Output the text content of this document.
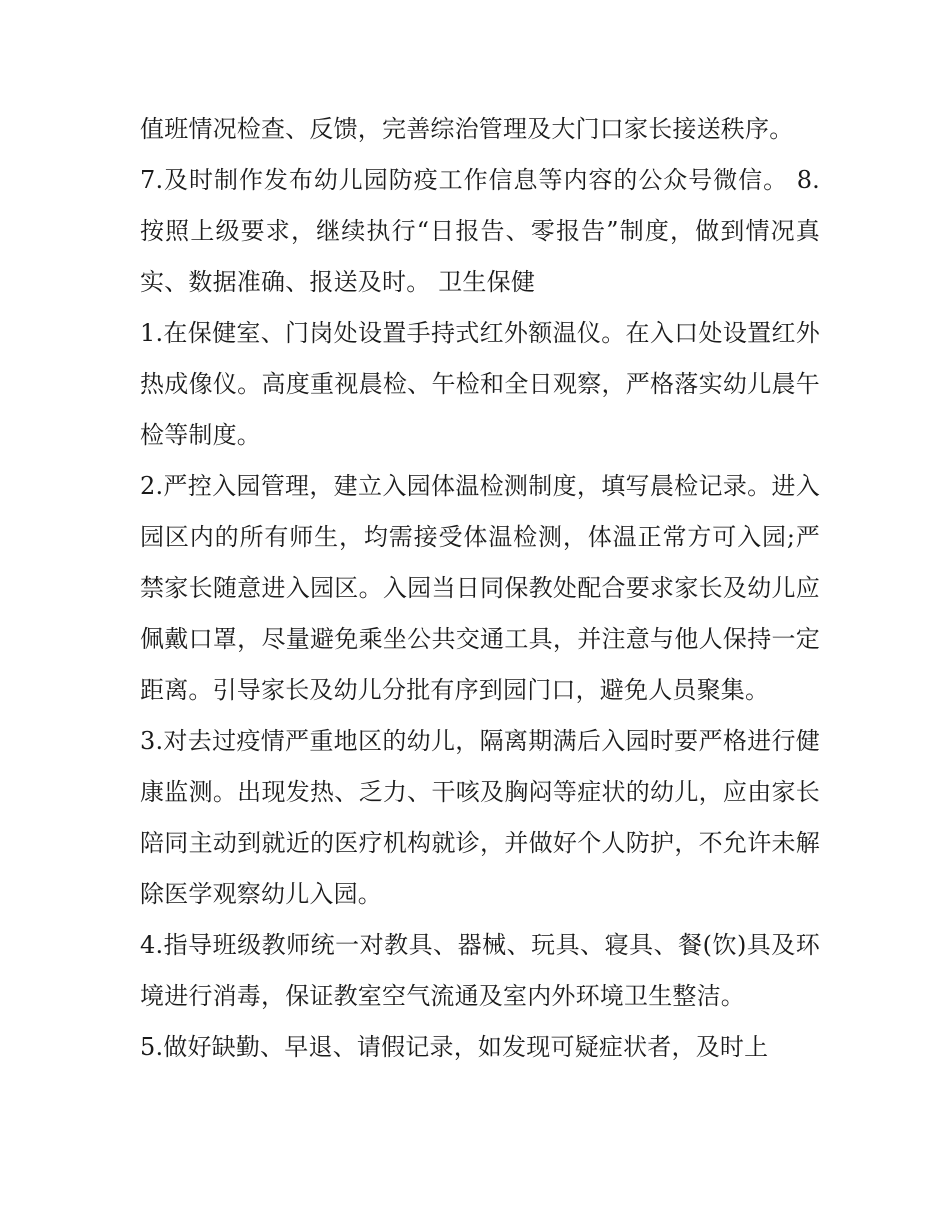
值班情况检查、反馈，完善综治管理及大门口家长接送秩序。

7.及时制作发布幼儿园防疫工作信息等内容的公众号微信。 8.按照上级要求，继续执行“日报告、零报告”制度，做到情况真实、数据准确、报送及时。 卫生保健

1.在保健室、门岗处设置手持式红外额温仪。在入口处设置红外热成像仪。高度重视晨检、午检和全日观察，严格落实幼儿晨午检等制度。

2.严控入园管理，建立入园体温检测制度，填写晨检记录。进入园区内的所有师生，均需接受体温检测，体温正常方可入园;严禁家长随意进入园区。入园当日同保教处配合要求家长及幼儿应佩戴口罩，尽量避免乘坐公共交通工具，并注意与他人保持一定距离。引导家长及幼儿分批有序到园门口，避免人员聚集。

3.对去过疫情严重地区的幼儿，隔离期满后入园时要严格进行健康监测。出现发热、乏力、干咳及胸闷等症状的幼儿，应由家长陪同主动到就近的医疗机构就诊，并做好个人防护，不允许未解除医学观察幼儿入园。

4.指导班级教师统一对教具、器械、玩具、寝具、餐(饮)具及环境进行消毒，保证教室空气流通及室内外环境卫生整洁。

5.做好缺勤、早退、请假记录，如发现可疑症状者，及时上
